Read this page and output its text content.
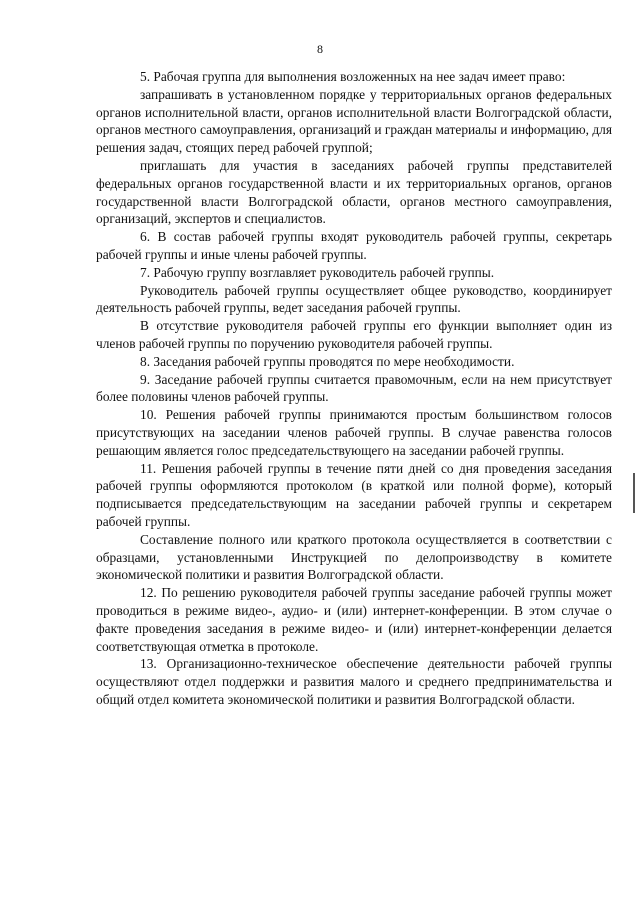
8

5. Рабочая группа для выполнения возложенных на нее задач имеет право:

запрашивать в установленном порядке у территориальных органов федеральных органов исполнительной власти, органов исполнительной власти Волгоградской области, органов местного самоуправления, организаций и граждан материалы и информацию, для решения задач, стоящих перед рабочей группой;

приглашать для участия в заседаниях рабочей группы представителей федеральных органов государственной власти и их территориальных органов, органов государственной власти Волгоградской области, органов местного самоуправления, организаций, экспертов и специалистов.

6. В состав рабочей группы входят руководитель рабочей группы, секретарь рабочей группы и иные члены рабочей группы.

7. Рабочую группу возглавляет руководитель рабочей группы.

Руководитель рабочей группы осуществляет общее руководство, координирует деятельность рабочей группы, ведет заседания рабочей группы.

В отсутствие руководителя рабочей группы его функции выполняет один из членов рабочей группы по поручению руководителя рабочей группы.

8. Заседания рабочей группы проводятся по мере необходимости.

9. Заседание рабочей группы считается правомочным, если на нем присутствует более половины членов рабочей группы.

10. Решения рабочей группы принимаются простым большинством голосов присутствующих на заседании членов рабочей группы. В случае равенства голосов решающим является голос председательствующего на заседании рабочей группы.

11. Решения рабочей группы в течение пяти дней со дня проведения заседания рабочей группы оформляются протоколом (в краткой или полной форме), который подписывается председательствующим на заседании рабочей группы и секретарем рабочей группы.

Составление полного или краткого протокола осуществляется в соответствии с образцами, установленными Инструкцией по делопроизводству в комитете экономической политики и развития Волгоградской области.

12. По решению руководителя рабочей группы заседание рабочей группы может проводиться в режиме видео-, аудио- и (или) интернет-конференции. В этом случае о факте проведения заседания в режиме видео- и (или) интернет-конференции делается соответствующая отметка в протоколе.

13. Организационно-техническое обеспечение деятельности рабочей группы осуществляют отдел поддержки и развития малого и среднего предпринимательства и общий отдел комитета экономической политики и развития Волгоградской области.
